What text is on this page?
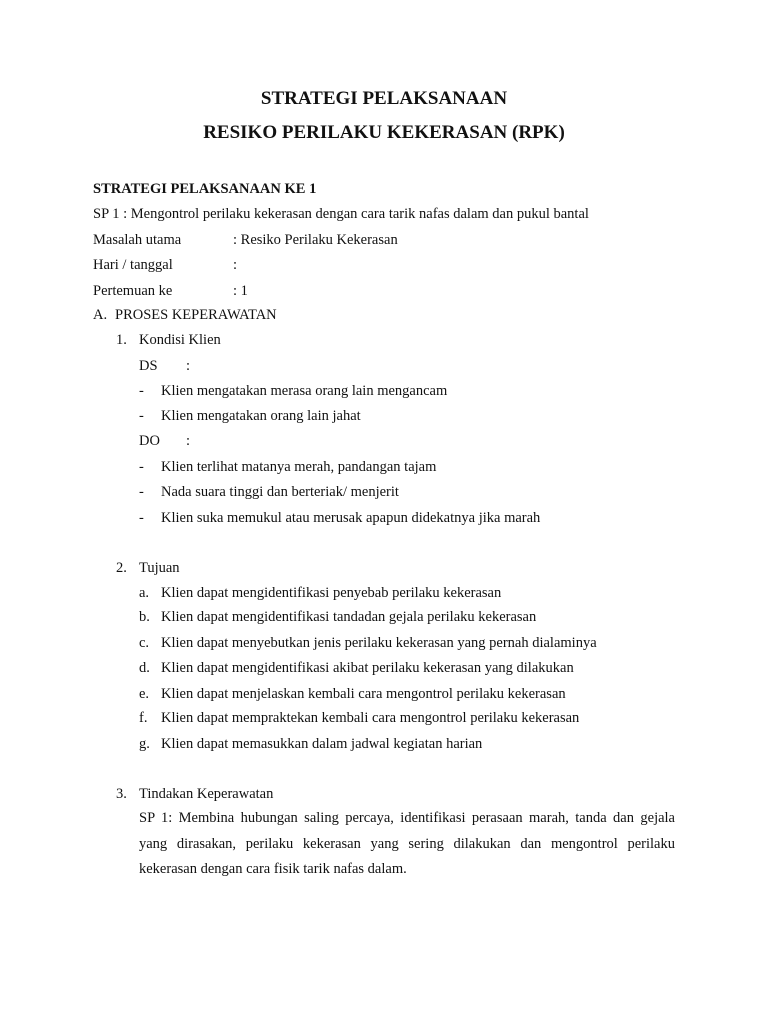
STRATEGI PELAKSANAAN
RESIKO PERILAKU KEKERASAN (RPK)
STRATEGI PELAKSANAAN KE 1
SP 1 : Mengontrol perilaku kekerasan dengan cara tarik nafas dalam dan pukul bantal
Masalah utama	: Resiko Perilaku Kekerasan
Hari / tanggal	:
Pertemuan ke	: 1
A. PROSES KEPERAWATAN
1. Kondisi Klien
DS :
- Klien mengatakan merasa orang lain mengancam
- Klien mengatakan orang lain jahat
DO :
- Klien terlihat matanya merah, pandangan tajam
- Nada suara tinggi dan berteriak/ menjerit
- Klien suka memukul atau merusak apapun didekatnya jika marah
2. Tujuan
a. Klien dapat mengidentifikasi penyebab perilaku kekerasan
b. Klien dapat mengidentifikasi tandadan gejala perilaku kekerasan
c. Klien dapat menyebutkan jenis perilaku kekerasan yang pernah dialaminya
d. Klien dapat mengidentifikasi akibat perilaku kekerasan yang dilakukan
e. Klien dapat menjelaskan kembali cara mengontrol perilaku kekerasan
f. Klien dapat mempraktekan kembali cara mengontrol perilaku kekerasan
g. Klien dapat memasukkan dalam jadwal kegiatan harian
3. Tindakan Keperawatan
SP 1: Membina hubungan saling percaya, identifikasi perasaan marah, tanda dan gejala yang dirasakan, perilaku kekerasan yang sering dilakukan dan mengontrol perilaku kekerasan dengan cara fisik tarik nafas dalam.
